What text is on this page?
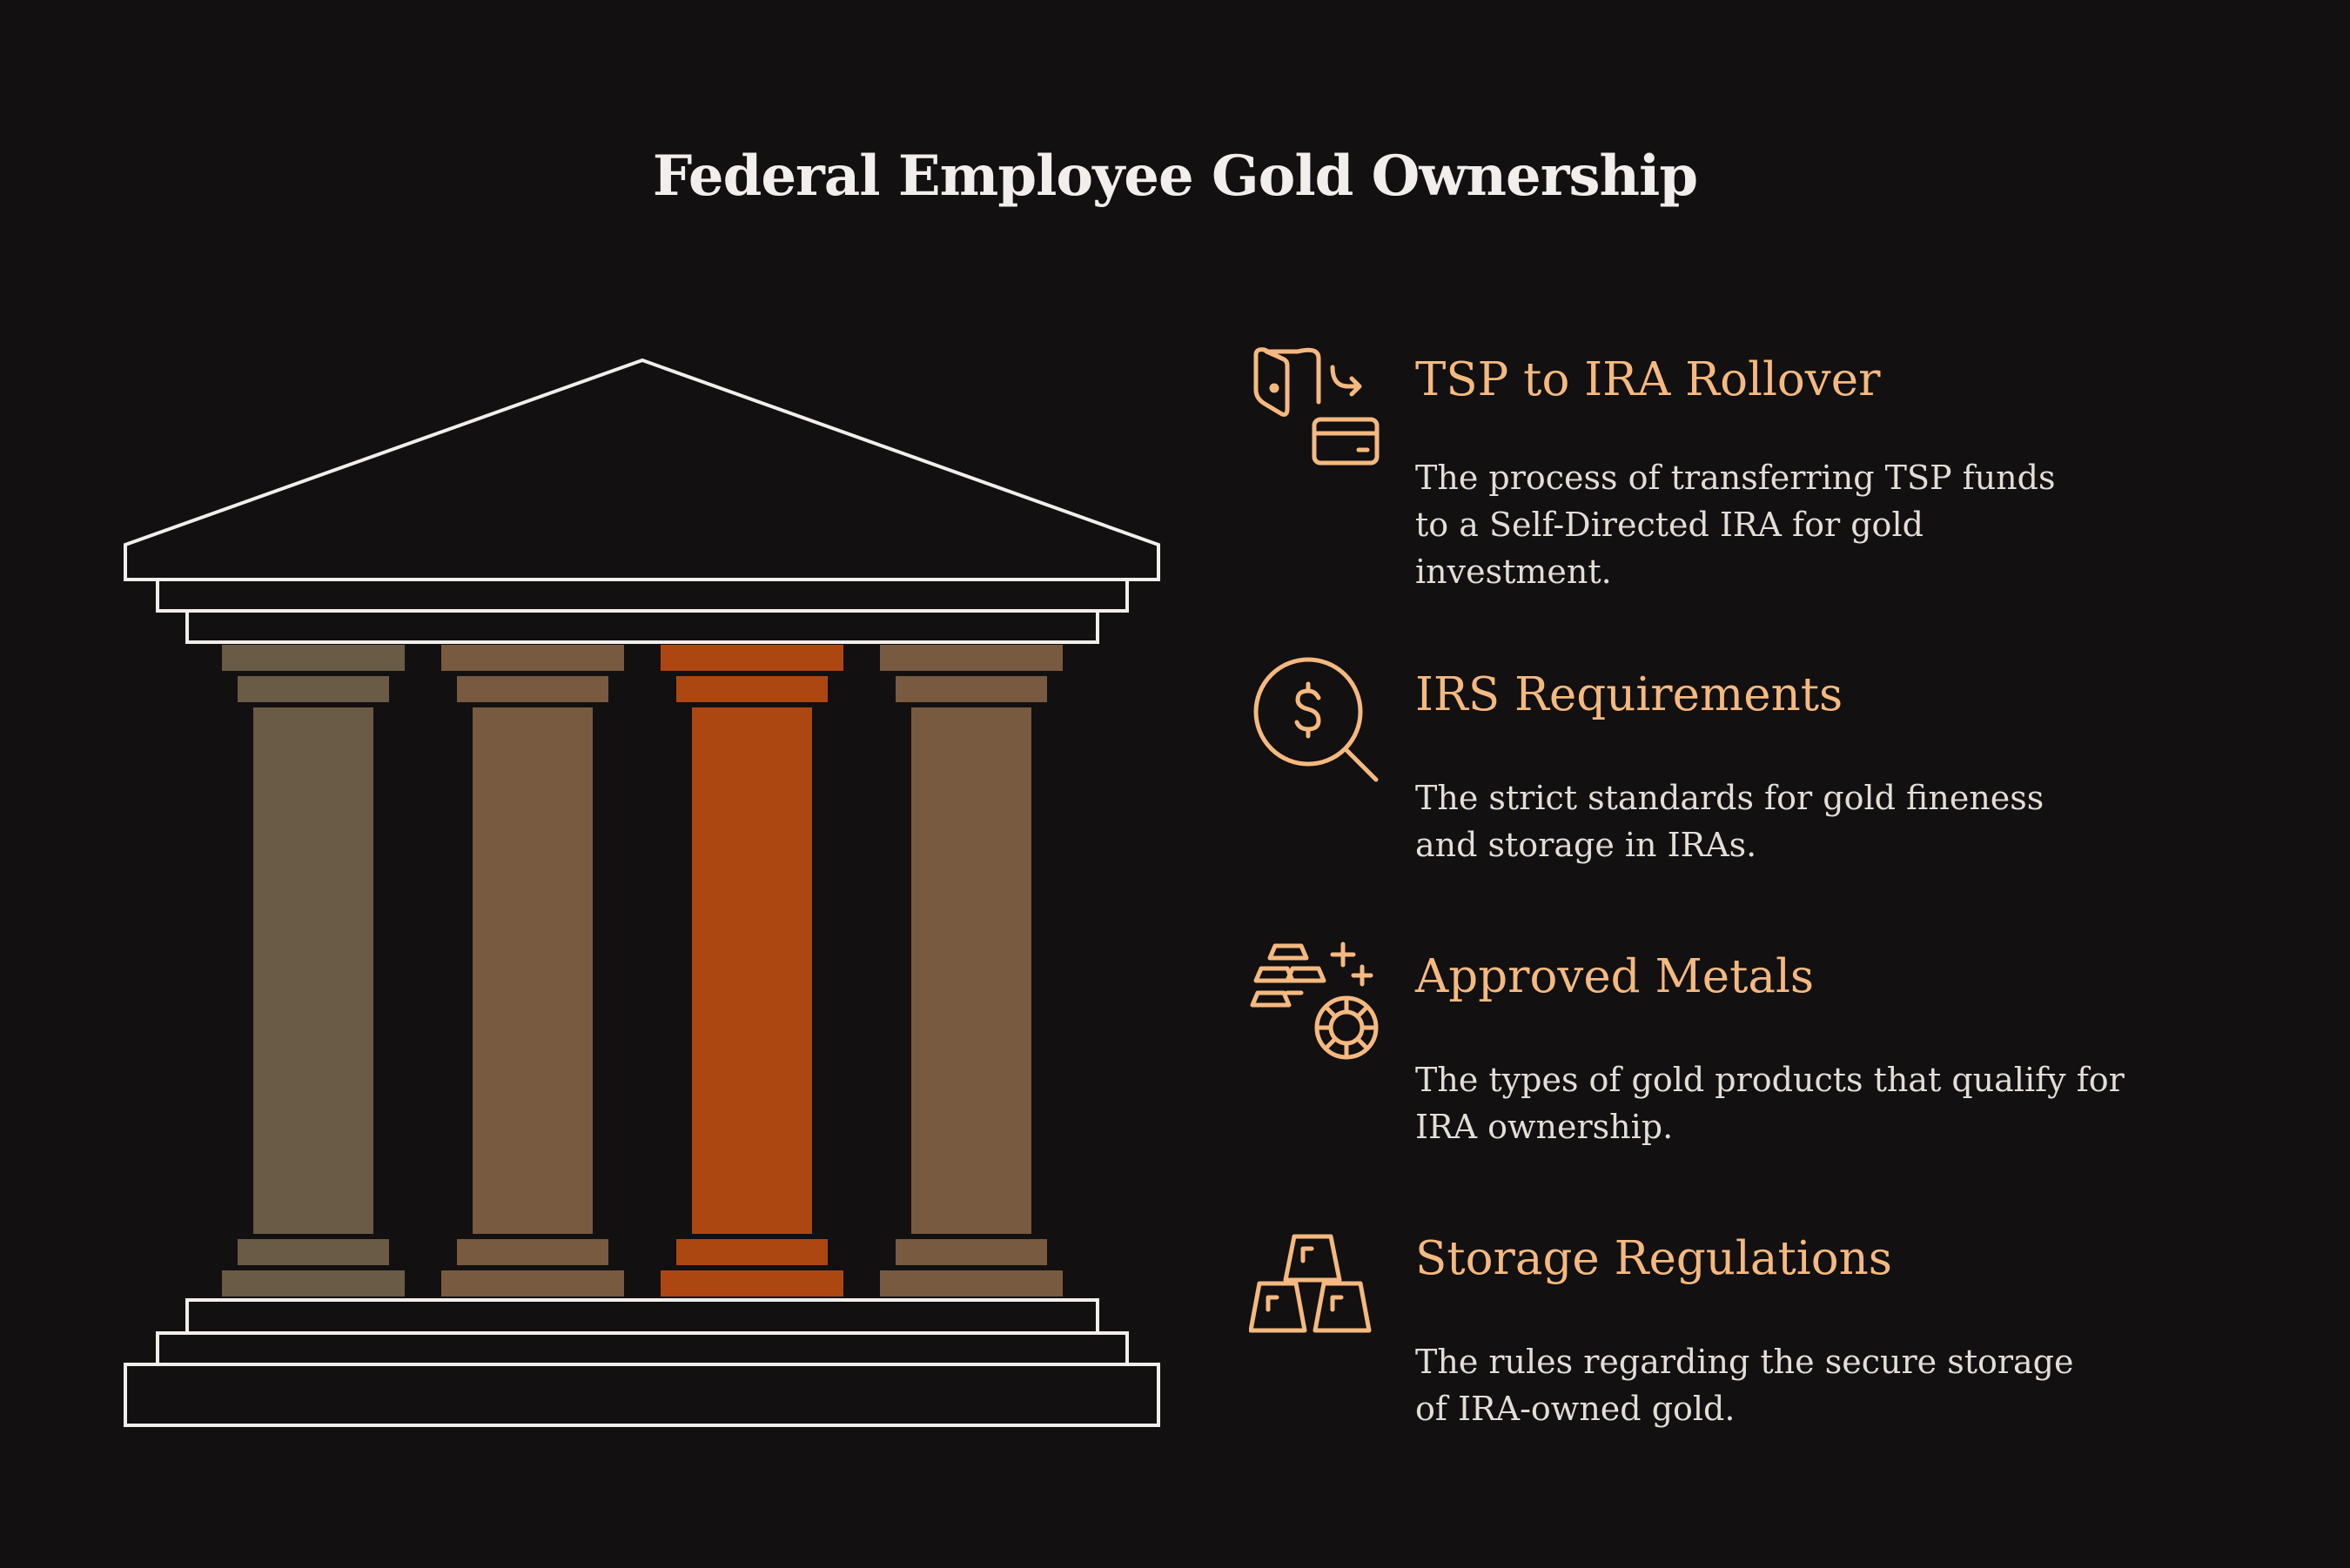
Federal Employee Gold Ownership
TSP to IRA Rollover
The process of transferring TSP funds
to a Self-Directed IRA for gold
investment.
IRS Requirements
The strict standards for gold fineness
and storage in IRAs.
Approved Metals
The types of gold products that qualify for
IRA ownership.
Storage Regulations
The rules regarding the secure storage
of IRA-owned gold.
